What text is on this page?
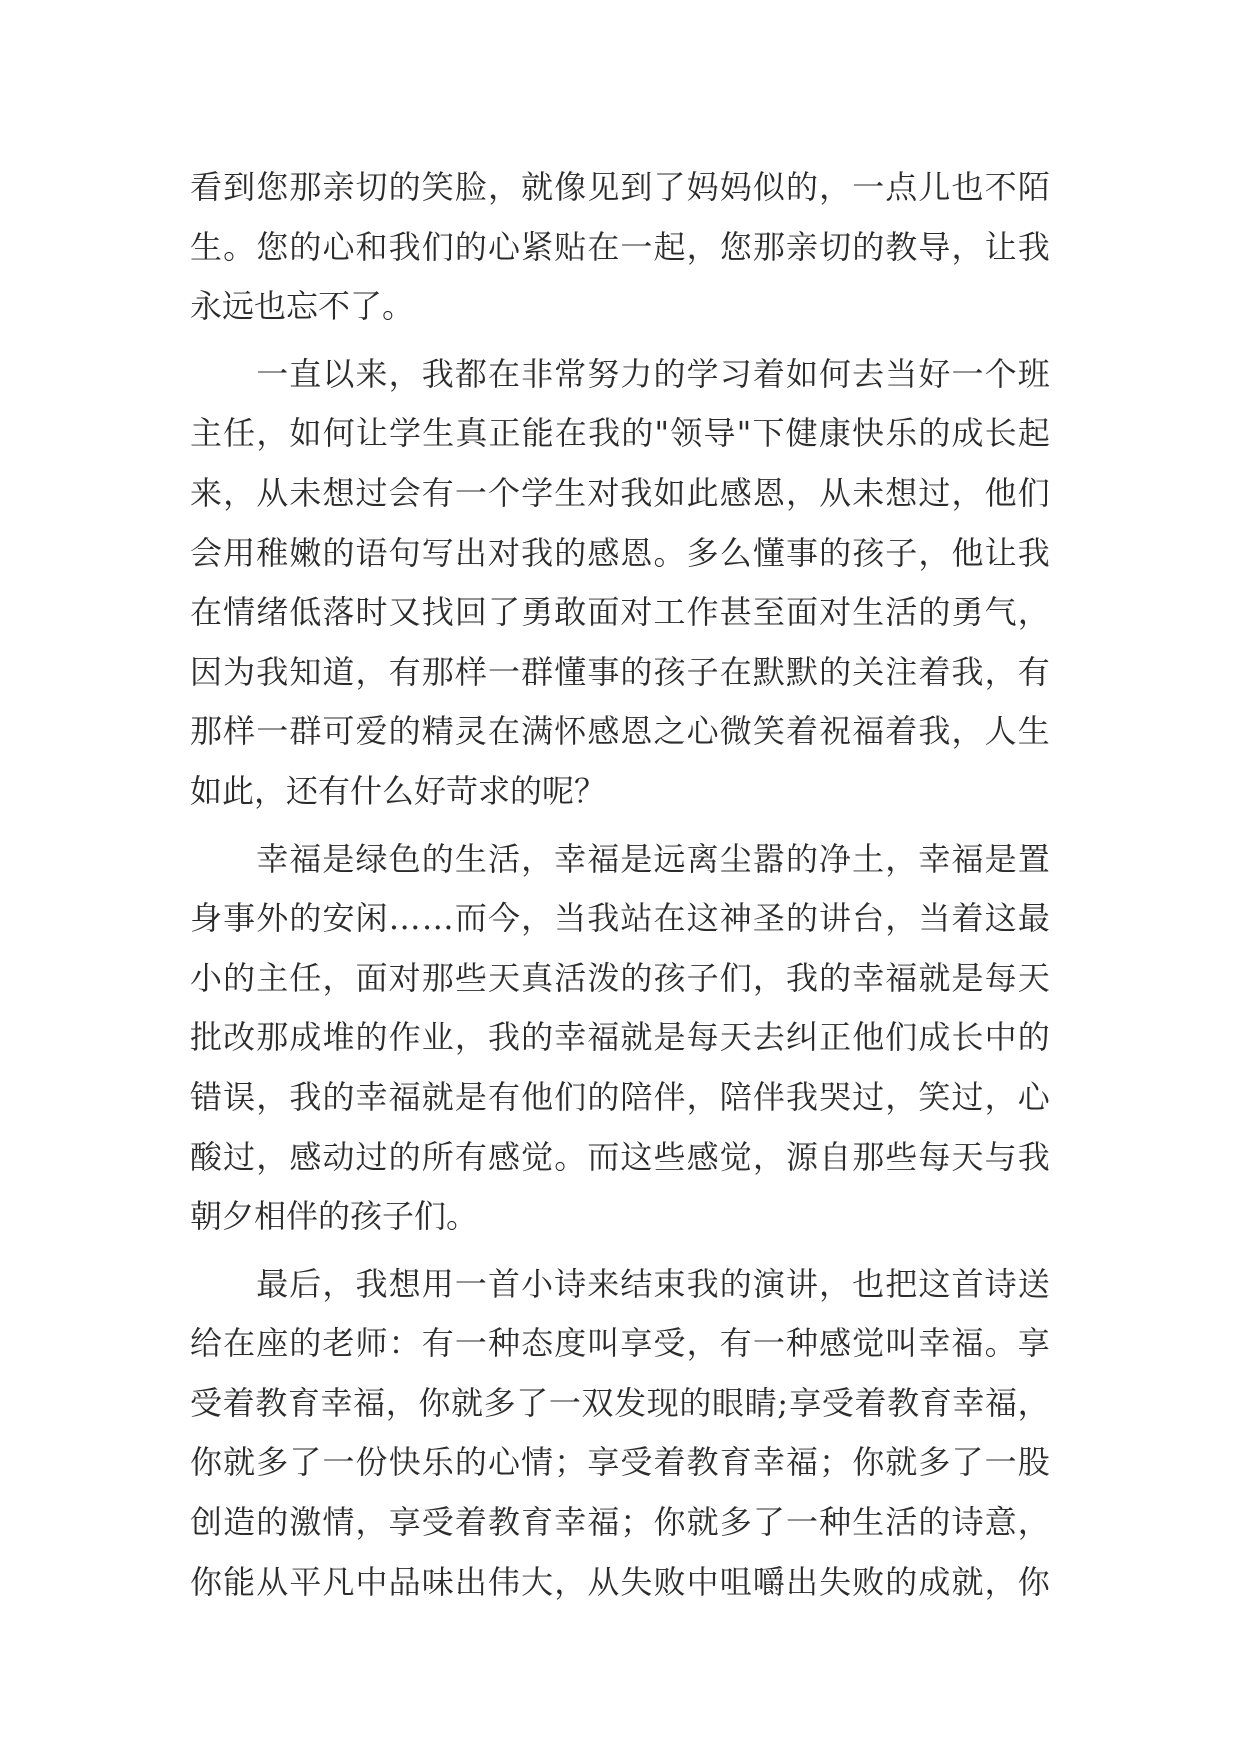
看 到 您 那 亲 切 的 笑 脸 ， 就 像 见 到 了 妈 妈 似 的 ， 一 点 儿 也 不 陌
生 。 您 的 心 和 我 们 的 心 紧 贴 在 一 起 ， 您 那 亲 切 的 教 导 ， 让 我
永远也忘不了。

一 直 以 来 ， 我 都 在 非 常 努 力 的 学 习 着 如 何 去 当 好 一 个 班
主 任 ， 如 何 让 学 生 真 正 能 在 我 的 " 领 导 " 下 健 康 快 乐 的 成 长 起
来 ， 从 未 想 过 会 有 一 个 学 生 对 我 如 此 感 恩 ， 从 未 想 过 ， 他 们
会 用 稚 嫩 的 语 句 写 出 对 我 的 感 恩 。 多 么 懂 事 的 孩 子 ， 他 让 我
在 情 绪 低 落 时 又 找 回 了 勇 敢 面 对 工 作 甚 至 面 对 生 活 的 勇 气 ，
因 为 我 知 道 ， 有 那 样 一 群 懂 事 的 孩 子 在 默 默 的 关 注 着 我 ， 有
那 样 一 群 可 爱 的 精 灵 在 满 怀 感 恩 之 心 微 笑 着 祝 福 着 我 ， 人 生
如此，还有什么好苛求的呢？

幸 福 是 绿 色 的 生 活 ， 幸 福 是 远 离 尘 嚣 的 净 土 ， 幸 福 是 置
身 事 外 的 安 闲 … … 而 今 ， 当 我 站 在 这 神 圣 的 讲 台 ， 当 着 这 最
小 的 主 任 ， 面 对 那 些 天 真 活 泼 的 孩 子 们 ， 我 的 幸 福 就 是 每 天
批 改 那 成 堆 的 作 业 ， 我 的 幸 福 就 是 每 天 去 纠 正 他 们 成 长 中 的
错 误 ， 我 的 幸 福 就 是 有 他 们 的 陪 伴 ， 陪 伴 我 哭 过 ， 笑 过 ， 心
酸 过 ， 感 动 过 的 所 有 感 觉 。 而 这 些 感 觉 ， 源 自 那 些 每 天 与 我
朝夕相伴的孩子们。

最 后 ， 我 想 用 一 首 小 诗 来 结 束 我 的 演 讲 ， 也 把 这 首 诗 送
给 在 座 的 老 师 ： 有 一 种 态 度 叫 享 受 ， 有 一 种 感 觉 叫 幸 福 。 享
受 着 教 育 幸 福 ， 你 就 多 了 一 双 发 现 的 眼 睛 ; 享 受 着 教 育 幸 福 ，
你 就 多 了 一 份 快 乐 的 心 情 ； 享 受 着 教 育 幸 福 ； 你 就 多 了 一 股
创 造 的 激 情 ， 享 受 着 教 育 幸 福 ； 你 就 多 了 一 种 生 活 的 诗 意 ，
你 能 从 平 凡 中 品 味 出 伟 大 ， 从 失 败 中 咀 嚼 出 失 败 的 成 就 ， 你
